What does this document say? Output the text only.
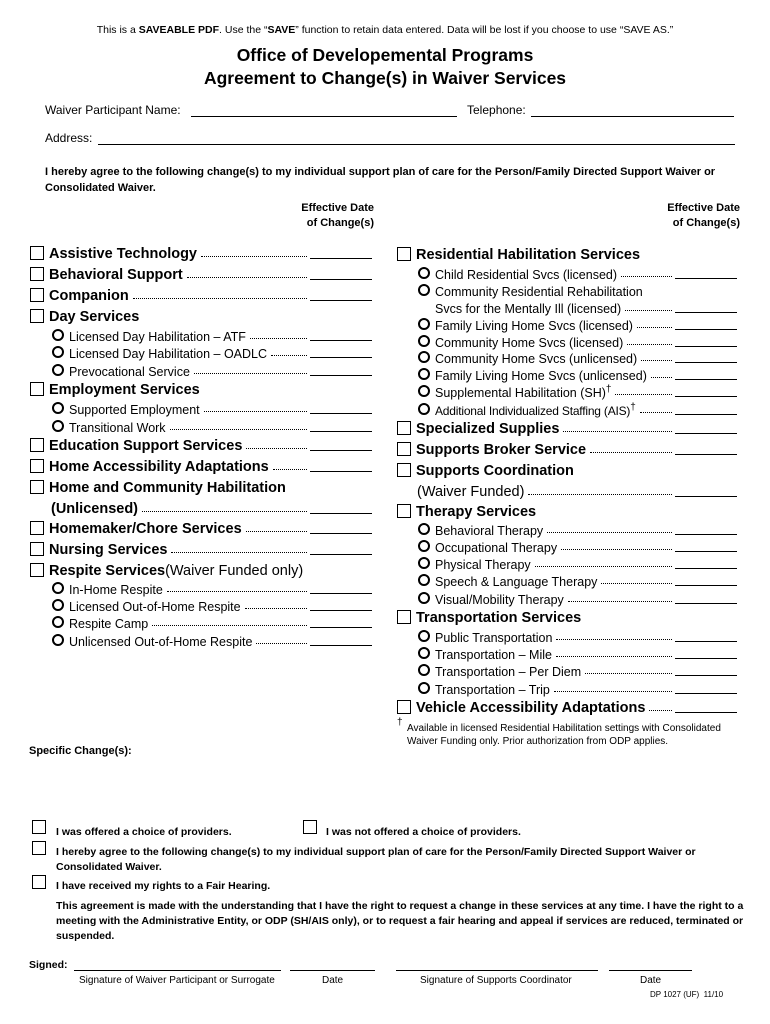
This is a SAVEABLE PDF. Use the “SAVE” function to retain data entered. Data will be lost if you choose to use “SAVE AS.”
Office of Developemental Programs
Agreement to Change(s) in Waiver Services
Waiver Participant Name:	Telephone:
Address:
I hereby agree to the following change(s) to my individual support plan of care for the Person/Family Directed Support Waiver or Consolidated Waiver.
Effective Date
of Change(s)
Effective Date
of Change(s)
Assistive Technology
Behavioral Support
Companion
Day Services
Licensed Day Habilitation – ATF
Licensed Day Habilitation – OADLC
Prevocational Service
Employment Services
Supported Employment
Transitional Work
Education Support Services
Home Accessibility Adaptations
Home and Community Habilitation
(Unlicensed)
Homemaker/Chore Services
Nursing Services
Respite Services (Waiver Funded only)
In-Home Respite
Licensed Out-of-Home Respite
Respite Camp
Unlicensed Out-of-Home Respite
Residential Habilitation Services
Child Residential Svcs (licensed)
Community Residential Rehabilitation
Svcs for the Mentally Ill (licensed)
Family Living Home Svcs (licensed)
Community Home Svcs (licensed)
Community Home Svcs (unlicensed)
Family Living Home Svcs (unlicensed)
Supplemental Habilitation (SH)†
Additional Individualized Staffing (AIS)†
Specialized Supplies
Supports Broker Service
Supports Coordination
(Waiver Funded)
Therapy Services
Behavioral Therapy
Occupational Therapy
Physical Therapy
Speech & Language Therapy
Visual/Mobility Therapy
Transportation Services
Public Transportation
Transportation – Mile
Transportation – Per Diem
Transportation – Trip
Vehicle Accessibility Adaptations
†
Available in licensed Residential Habilitation settings with Consolidated Waiver Funding only. Prior authorization from ODP applies.
Specific Change(s):
I was offered a choice of providers.	I was not offered a choice of providers.
I hereby agree to the following change(s) to my individual support plan of care for the Person/Family Directed Support Waiver or Consolidated Waiver.
I have received my rights to a Fair Hearing.
This agreement is made with the understanding that I have the right to request a change in these services at any time. I have the right to a meeting with the Administrative Entity, or ODP (SH/AIS only), or to request a fair hearing and appeal if services are reduced, terminated or suspended.
Signed:
Signature of Waiver Participant or Surrogate	Date	Signature of Supports Coordinator	Date
DP 1027 (UF)  11/10
